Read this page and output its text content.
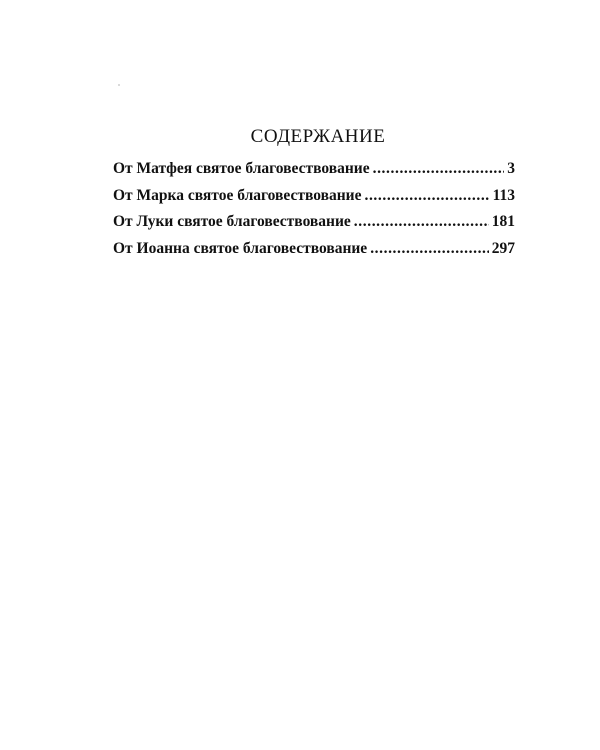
СОДЕРЖАНИЕ
От Матфея святое благовествование .....	3
От Марка святое благовествование .....	113
От Луки святое благовествование .....	181
От Иоанна святое благовествование .....	297
